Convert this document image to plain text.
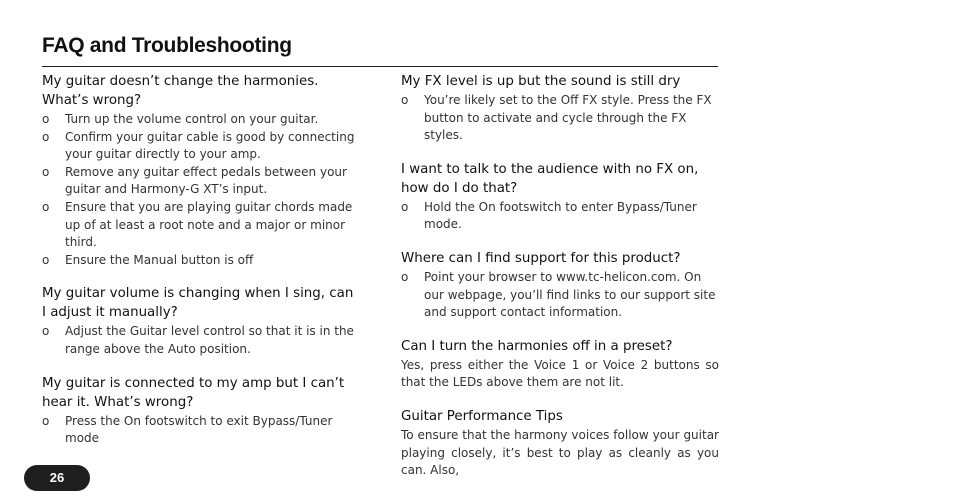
FAQ and Troubleshooting
My guitar doesn’t change the harmonies. What’s wrong?
o Turn up the volume control on your guitar.
o Confirm your guitar cable is good by connecting your guitar directly to your amp.
o Remove any guitar effect pedals between your guitar and Harmony-G XT’s input.
o Ensure that you are playing guitar chords made up of at least a root note and a major or minor third.
o Ensure the Manual button is off
My guitar volume is changing when I sing, can I adjust it manually?
o Adjust the Guitar level control so that it is in the range above the Auto position.
My guitar is connected to my amp but I can’t hear it. What’s wrong?
o Press the On footswitch to exit Bypass/Tuner mode
My FX level is up but the sound is still dry
o You’re likely set to the Off FX style. Press the FX button to activate and cycle through the FX styles.
I want to talk to the audience with no FX on, how do I do that?
o Hold the On footswitch to enter Bypass/Tuner mode.
Where can I find support for this product?
o Point your browser to www.tc-helicon.com. On our webpage, you’ll find links to our support site and support contact information.
Can I turn the harmonies off in a preset?
Yes, press either the Voice 1 or Voice 2 buttons so that the LEDs above them are not lit.
Guitar Performance Tips
To ensure that the harmony voices follow your guitar playing closely, it’s best to play as cleanly as you can. Also,
26
